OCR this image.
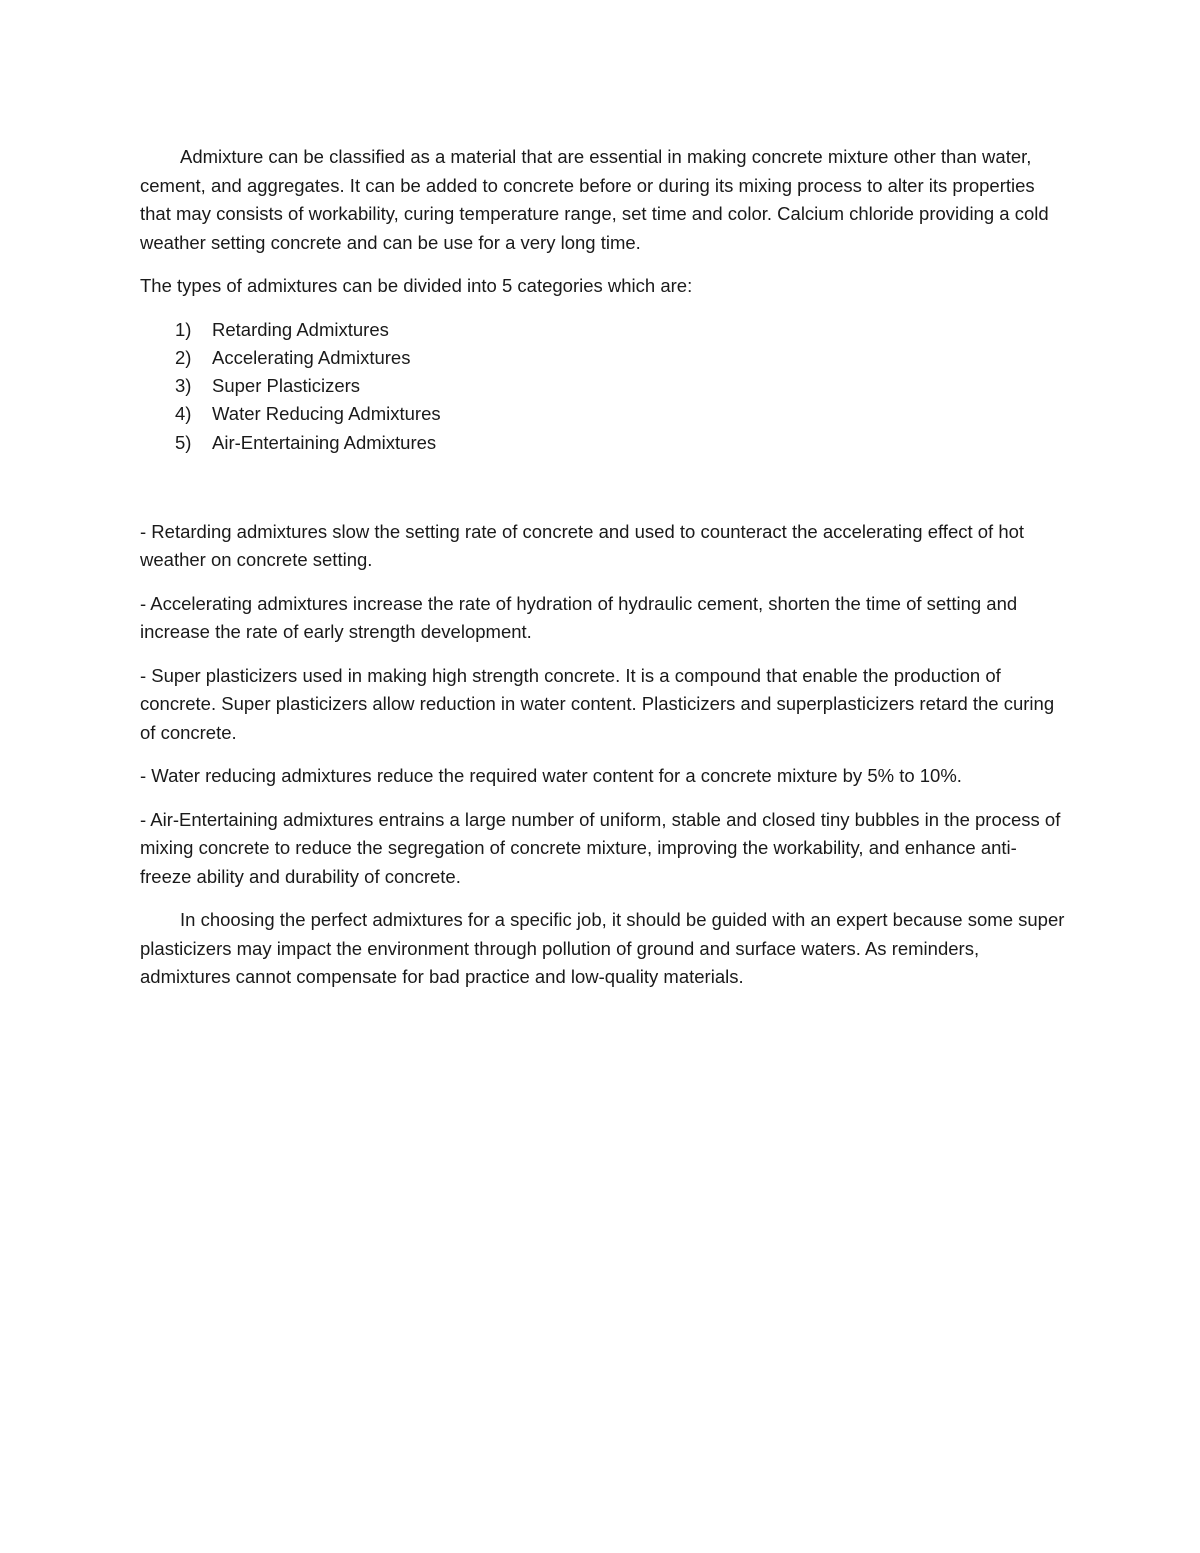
Admixture can be classified as a material that are essential in making concrete mixture other than water, cement, and aggregates. It can be added to concrete before or during its mixing process to alter its properties that may consists of workability, curing temperature range, set time and color. Calcium chloride providing a cold weather setting concrete and can be use for a very long time.

The types of admixtures can be divided into 5 categories which are:

1) Retarding Admixtures
2) Accelerating Admixtures
3) Super Plasticizers
4) Water Reducing Admixtures
5) Air-Entertaining Admixtures

- Retarding admixtures slow the setting rate of concrete and used to counteract the accelerating effect of hot weather on concrete setting.

- Accelerating admixtures increase the rate of hydration of hydraulic cement, shorten the time of setting and increase the rate of early strength development.

- Super plasticizers used in making high strength concrete. It is a compound that enable the production of concrete. Super plasticizers allow reduction in water content. Plasticizers and superplasticizers retard the curing of concrete.

- Water reducing admixtures reduce the required water content for a concrete mixture by 5% to 10%.

- Air-Entertaining admixtures entrains a large number of uniform, stable and closed tiny bubbles in the process of mixing concrete to reduce the segregation of concrete mixture, improving the workability, and enhance anti-freeze ability and durability of concrete.

In choosing the perfect admixtures for a specific job, it should be guided with an expert because some super plasticizers may impact the environment through pollution of ground and surface waters. As reminders, admixtures cannot compensate for bad practice and low-quality materials.
